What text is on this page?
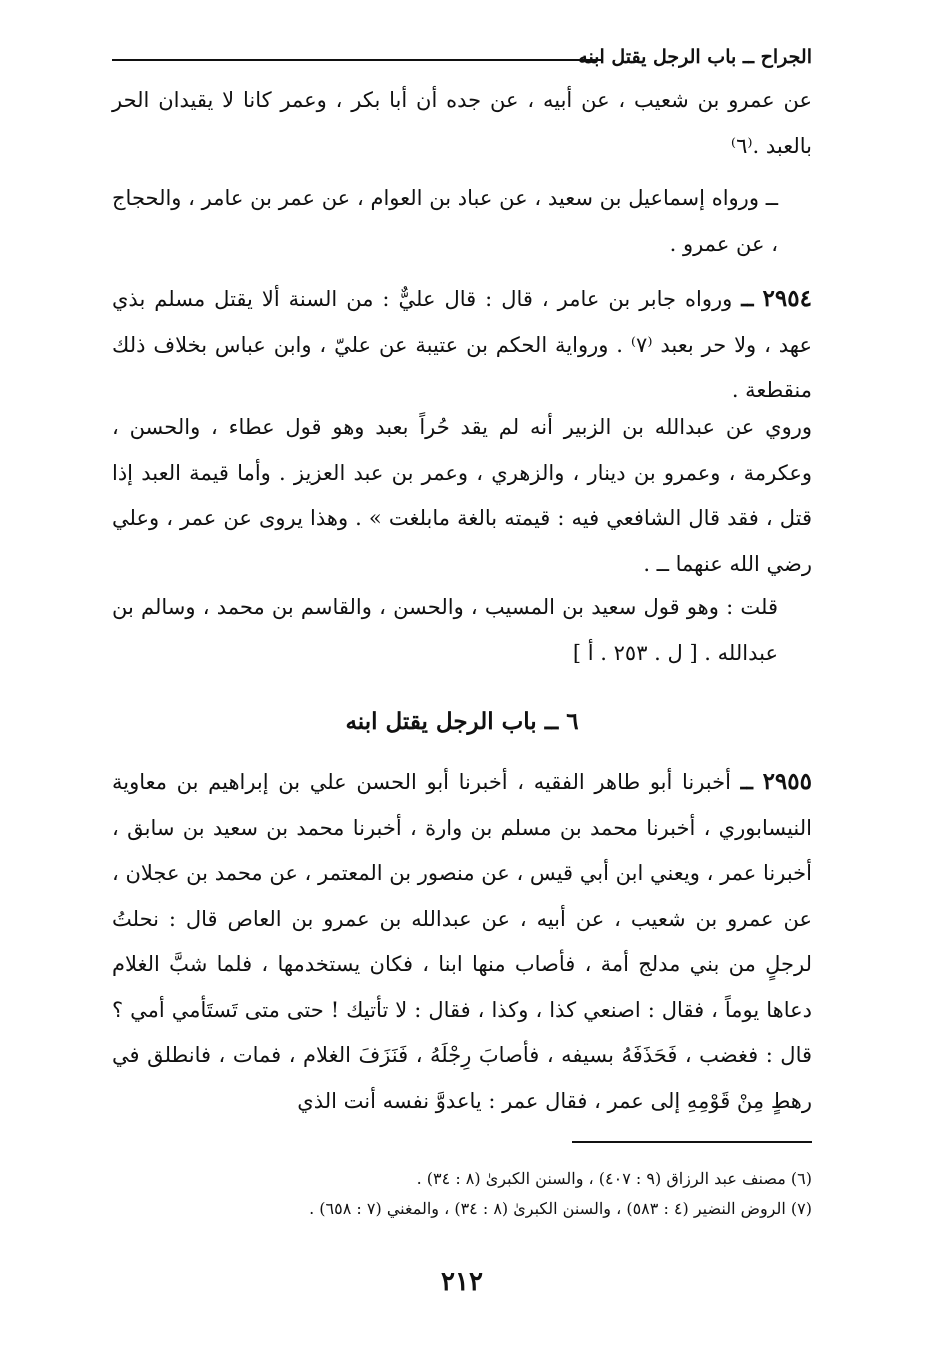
الجراح ــ باب الرجل يقتل ابنه

عن عمرو بن شعيب ، عن أبيه ، عن جده أن أبا بكر ، وعمر كانا لا يقيدان الحر بالعبد .⁽٦⁾

ــ ورواه إسماعيل بن سعيد ، عن عباد بن العوام ، عن عمر بن عامر ، والحجاج ، عن عمرو .

٢٩٥٤ ــ ورواه جابر بن عامر ، قال : قال عليٌّ : من السنة ألا يقتل مسلم بذي عهد ، ولا حر بعبد ⁽٧⁾ . ورواية الحكم بن عتيبة عن عليّ ، وابن عباس بخلاف ذلك منقطعة .

وروي عن عبدالله بن الزبير أنه لم يقد حُراً بعبد وهو قول عطاء ، والحسن ، وعكرمة ، وعمرو بن دينار ، والزهري ، وعمر بن عبد العزيز . وأما قيمة العبد إذا قتل ، فقد قال الشافعي فيه : قيمته بالغة مابلغت » . وهذا يروى عن عمر ، وعلي رضي الله عنهما ــ .

قلت : وهو قول سعيد بن المسيب ، والحسن ، والقاسم بن محمد ، وسالم بن عبدالله . [ ل . ٢٥٣ . أ ]

٦ ــ باب الرجل يقتل ابنه

٢٩٥٥ ــ أخبرنا أبو طاهر الفقيه ، أخبرنا أبو الحسن علي بن إبراهيم بن معاوية النيسابوري ، أخبرنا محمد بن مسلم بن وارة ، أخبرنا محمد بن سعيد بن سابق ، أخبرنا عمر ، ويعني ابن أبي قيس ، عن منصور بن المعتمر ، عن محمد بن عجلان ، عن عمرو بن شعيب ، عن أبيه ، عن عبدالله بن عمرو بن العاص قال : نحلتُ لرجلٍ من بني مدلج أمة ، فأصاب منها ابنا ، فكان يستخدمها ، فلما شبَّ الغلام دعاها يوماً ، فقال : اصنعي كذا ، وكذا ، فقال : لا تأتيك ! حتى متى تَستَأمي أمي ؟ قال : فغضب ، فَحَذَفَهُ بسيفه ، فأصابَ رِجْلَهُ ، فَنَزَفَ الغلام ، فمات ، فانطلق في رهطٍ مِنْ قَوْمِهِ إلى عمر ، فقال عمر : ياعدوَّ نفسه أنت الذي

(٦) مصنف عبد الرزاق (٩ : ٤٠٧) ، والسنن الكبرىٰ (٨ : ٣٤) .

(٧) الروض النضير (٤ : ٥٨٣) ، والسنن الكبرىٰ (٨ : ٣٤) ، والمغني (٧ : ٦٥٨) .

٢١٢
